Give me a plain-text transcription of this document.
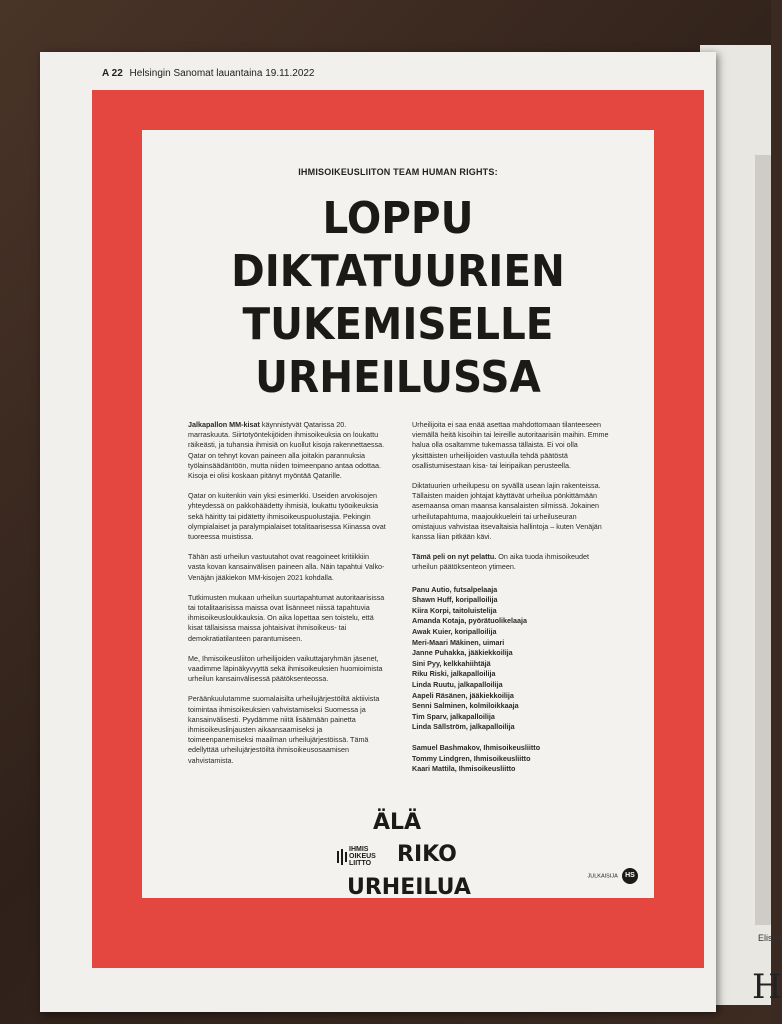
Elissa
H
A 22 Helsingin Sanomat lauantaina 19.11.2022
IHMISOIKEUSLIITON TEAM HUMAN RIGHTS:
LOPPU
DIKTATUURIEN
TUKEMISELLE
URHEILUSSA

Jalkapallon MM-kisat käynnistyvät Qatarissa 20. marraskuuta. Siirtotyöntekijöiden ihmisoikeuksia on loukattu räikeästi, ja tuhansia ihmisiä on kuollut kisoja rakennettaessa. Qatar on tehnyt kovan paineen alla joitakin parannuksia työlainsäädäntöön, mutta niiden toimeenpano antaa odottaa. Kisoja ei olisi koskaan pitänyt myöntää Qatarille.

Qatar on kuitenkin vain yksi esimerkki. Useiden arvokisojen yhteydessä on pakkohäädetty ihmisiä, loukattu työoikeuksia sekä häiritty tai pidätetty ihmisoikeuspuolustajia. Pekingin olympialaiset ja paralympialaiset totalitaarisessa Kiinassa ovat tuoreessa muistissa.

Tähän asti urheilun vastuutahot ovat reagoineet kritiikkiin vasta kovan kansainvälisen paineen alla. Näin tapahtui Valko-Venäjän jääkiekon MM-kisojen 2021 kohdalla.

Tutkimusten mukaan urheilun suurtapahtumat autoritaarisissa tai totalitaarisissa maissa ovat lisänneet niissä tapahtuvia ihmisoikeusloukkauksia. On aika lopettaa sen toistelu, että kisat tällaisissa maissa johtaisivat ihmisoikeus- tai demokratiatilanteen parantumiseen.

Me, Ihmisoikeusliiton urheilijoiden vaikuttajaryhmän jäsenet, vaadimme läpinäkyvyyttä sekä ihmisoikeuksien huomioimista urheilun kansainvälisessä päätöksenteossa.

Peräänkuulutamme suomalaisilta urheilujärjestöiltä aktiivista toimintaa ihmisoikeuksien vahvistamiseksi Suomessa ja kansainvälisesti. Pyydämme niitä lisäämään painetta ihmisoikeuslinjausten aikaansaamiseksi ja toimeenpanemiseksi maailman urheilujärjestöissä. Tämä edellyttää urheilujärjestöiltä ihmisoikeusosaamisen vahvistamista.

Urheilijoita ei saa enää asettaa mahdottomaan tilanteeseen viemällä heitä kisoihin tai leireille autoritaarisiin maihin. Emme halua olla osaltamme tukemassa tällaista. Ei voi olla yksittäisten urheilijoiden vastuulla tehdä päätöstä osallistumisestaan kisa- tai leiripaikan perusteella.

Diktatuurien urheilupesu on syvällä usean lajin rakenteissa. Tällaisten maiden johtajat käyttävät urheilua pönkittämään asemaansa oman maansa kansalaisten silmissä. Jokainen urheilutapahtuma, maajoukkueleiri tai urheiluseuran omistajuus vahvistaa itsevaltaisia hallintoja – kuten Venäjän kanssa liian pitkään kävi.

Tämä peli on nyt pelattu. On aika tuoda ihmisoikeudet urheilun päätöksenteon ytimeen.

Panu Autio, futsalpelaaja
Shawn Huff, koripalloilija
Kiira Korpi, taitoluistelija
Amanda Kotaja, pyörätuolikelaaja
Awak Kuier, koripalloilija
Meri-Maari Mäkinen, uimari
Janne Puhakka, jääkiekkoilija
Sini Pyy, kelkkahiihtäjä
Riku Riski, jalkapalloilija
Linda Ruutu, jalkapalloilija
Aapeli Räsänen, jääkiekkoilija
Senni Salminen, kolmiloikkaaja
Tim Sparv, jalkapalloilija
Linda Sällström, jalkapalloilija
Samuel Bashmakov, Ihmisoikeusliitto
Tommy Lindgren, Ihmisoikeusliitto
Kaari Mattila, Ihmisoikeusliitto
ÄLÄ
IHMIS
OIKEUS
LIITTO RIKO
URHEILUA	JULKAISIJA HS
